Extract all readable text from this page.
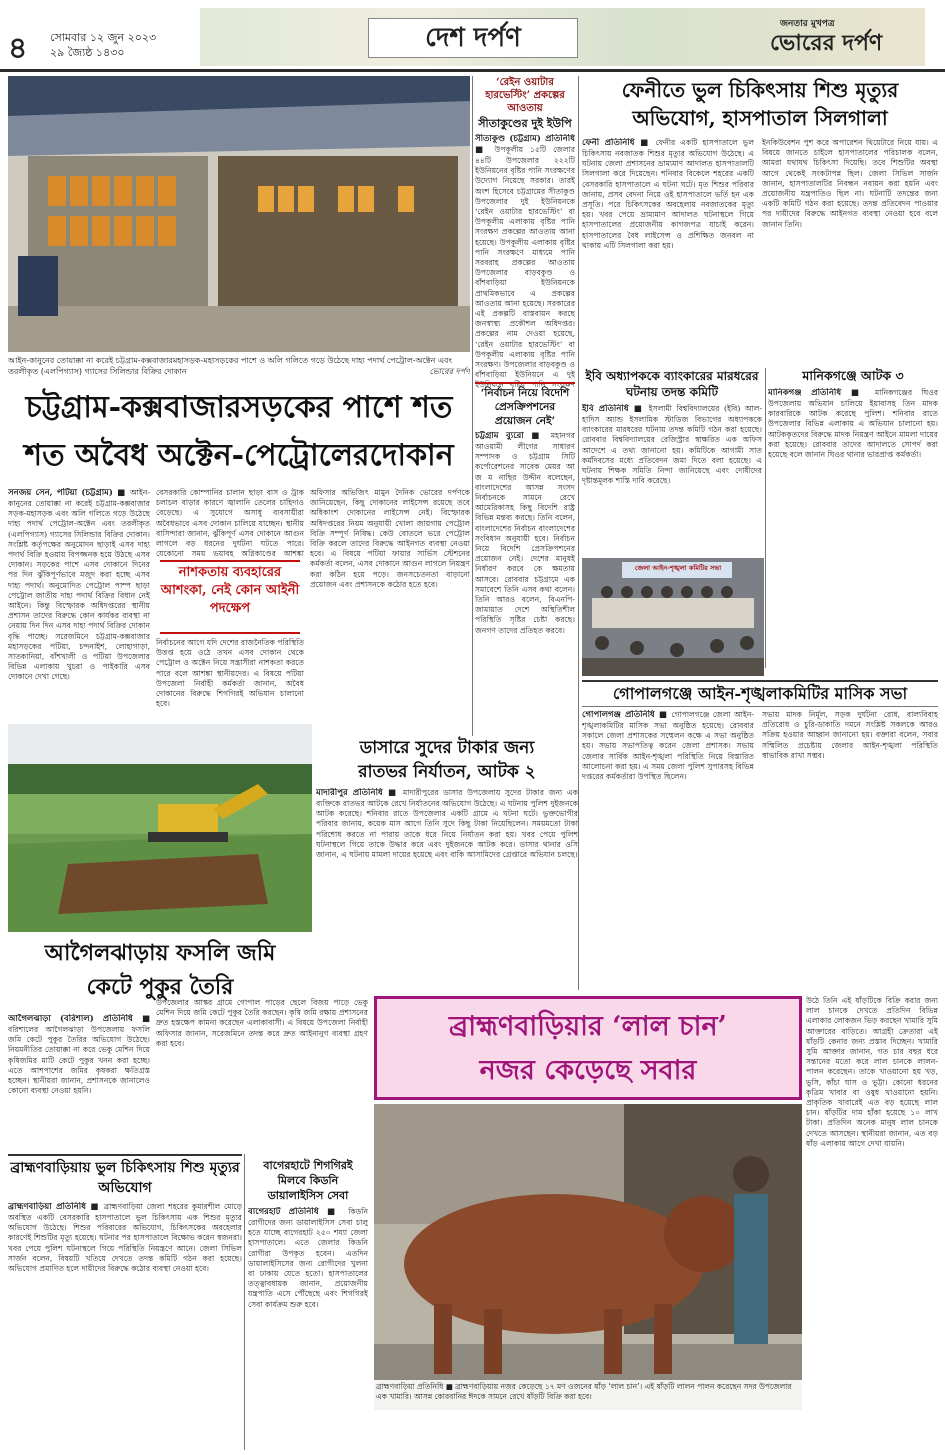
৪ সোমবার ১২ জুন ২০২৩
২৯ জ্যৈষ্ঠ ১৪৩০	দেশ দর্পণ	জনতার মুখপত্র
ভোরের দর্পণ
আইন-কানুনের তোয়াক্কা না করেই চট্টগ্রাম-কক্সবাজারমহাসড়ক-মহাসড়কের পাশে ও অলি গলিতে গড়ে উঠেছে দাহ্য পদার্থ পেট্রোল-অক্টেন এবং তরলীকৃত (এলপিগ্যাস) গ্যাসের সিলিন্ডার বিক্রির দোকান	ভোরের দর্পণ
‘রেইন ওয়াটার হারভেস্টিং’ প্রকল্পের আওতায়
সীতাকুণ্ডের দুই ইউপি
সীতাকুণ্ড (চট্টগ্রাম) প্রতিনিধি ■ উপকূলীয় ১৫টি জেলার ৪৪টি উপজেলার ২২২টি ইউনিয়নের বৃষ্টির পানি সংরক্ষণের উদ্যোগ নিয়েছে সরকার। তারই অংশ হিসেবে চট্টগ্রামের সীতাকুণ্ড উপজেলার দুই ইউনিয়নকে ‘রেইন ওয়াটার হারভেস্টিং’ বা উপকূলীয় এলাকায় বৃষ্টির পানি সংরক্ষণ প্রকল্পের আওতায় আনা হয়েছে। উপকূলীয় এলাকায় বৃষ্টির পানি সংরক্ষণে মাধ্যমে পানি সরবরাহ প্রকল্পের আওতায় উপজেলার বাড়বকুণ্ড ও বাঁশবাড়িয়া ইউনিয়নকে প্রাথমিকভাবে এ প্রকল্পের আওতায় আনা হয়েছে। সরকারের এই প্রকল্পটি বাস্তবায়ন করছে জনস্বাস্থ্য প্রকৌশল অধিদপ্তর। প্রকল্পের নাম দেওয়া হয়েছে, ‘রেইন ওয়াটার হারভেস্টিং’ বা উপকূলীয় এলাকায় বৃষ্টির পানি সংরক্ষণ। উপজেলার বাড়বকুণ্ড ও বাঁশবাড়িয়া ইউনিয়নে এ দুই ইউনিয়নে বৃষ্টির পানি সংরক্ষণ
ফেনীতে ভুল চিকিৎসায় শিশু মৃত্যুর
অভিযোগ, হাসপাতাল সিলগালা
ফেনী প্রতিনিধি ■ ফেনীর একটি হাসপাতালে ভুল চিকিৎসায় নবজাতক শিশুর মৃত্যুর অভিযোগ উঠেছে। এ ঘটনায় জেলা প্রশাসনের ভ্রাম্যমাণ আদালত হাসপাতালটি সিলগালা করে দিয়েছেন। শনিবার বিকেলে শহরের একটি বেসরকারি হাসপাতালে এ ঘটনা ঘটে। মৃত শিশুর পরিবার জানায়, প্রসব বেদনা নিয়ে ওই হাসপাতালে ভর্তি হন এক প্রসূতি। পরে চিকিৎসকের অবহেলায় নবজাতকের মৃত্যু হয়। খবর পেয়ে ভ্রাম্যমাণ আদালত ঘটনাস্থলে গিয়ে হাসপাতালের প্রয়োজনীয় কাগজপত্র যাচাই করেন। হাসপাতালের বৈধ লাইসেন্স ও প্রশিক্ষিত জনবল না থাকায় এটি সিলগালা করা হয়।
ইনকিউবেশন পুশ করে অপারেশন থিয়েটারে নিয়ে যায়। এ বিষয়ে জানতে চাইলে হাসপাতালের পরিচালক বলেন, আমরা যথাযথ চিকিৎসা দিয়েছি। তবে শিশুটির অবস্থা আগে থেকেই সংকটাপন্ন ছিল। জেলা সিভিল সার্জন জানান, হাসপাতালটির নিবন্ধন নবায়ন করা হয়নি এবং প্রয়োজনীয় যন্ত্রপাতিও ছিল না। ঘটনাটি তদন্তের জন্য একটি কমিটি গঠন করা হয়েছে। তদন্ত প্রতিবেদন পাওয়ার পর দায়ীদের বিরুদ্ধে আইনগত ব্যবস্থা নেওয়া হবে বলে জানান তিনি।
চট্টগ্রাম-কক্সবাজারসড়কের পাশে শত
শত অবৈধ অক্টেন-পেট্রোলেরদোকান
সনজয় সেন, পটিয়া (চট্টগ্রাম) ■ আইন-কানুনের তোয়াক্কা না করেই চট্টগ্রাম-কক্সবাজার সড়ক-মহাসড়ক এবং অলি গলিতে গড়ে উঠেছে দাহ্য পদার্থ পেট্রোল-অক্টেন এবং তরলীকৃত (এলপিগ্যাস) গ্যাসের সিলিন্ডার বিক্রির দোকান। সংশ্লিষ্ট কর্তৃপক্ষের অনুমোদন ছাড়াই এসব দাহ্য পদার্থ বিক্রি হওয়ায় বিপজ্জনক হয়ে উঠছে এসব দোকান। সড়কের পাশে এসব দোকানে দিনের পর দিন ঝুঁকিপূর্ণভাবে মজুদ করা হচ্ছে এসব দাহ্য পদার্থ। অনুমোদিত পেট্রোল পাম্প ছাড়া পেট্রোল জাতীয় দাহ্য পদার্থ বিক্রির বিধান নেই আইনে। কিন্তু বিস্ফোরক অধিদপ্তরের স্থানীয় প্রশাসন তাদের বিরুদ্ধে কোন কার্যকর ব্যবস্থা না নেয়ায় দিন দিন এসব দাহ্য পদার্থ বিক্রির দোকান বৃদ্ধি পাচ্ছে। সরেজমিনে চট্টগ্রাম-কক্সবাজার মহাসড়কের পটিয়া, চন্দনাইশ, লোহাগাড়া, সাতকানিয়া, বাঁশখালী ও পটিয়া উপজেলার বিভিন্ন এলাকায় খুচরা ও পাইকারি এসব দোকানে দেখা গেছে।
বেসরকারি কোম্পানির চালান ছাড়া বাস ও ট্রাক চলাচল বাড়ার কারণে জ্বালানি তেলের চাহিদাও বেড়েছে। এ সুযোগে অসাধু ব্যবসায়ীরা অবৈধভাবে এসব দোকান চালিয়ে যাচ্ছেন। স্থানীয় বাসিন্দারা জানান, ঝুঁকিপূর্ণ এসব দোকানে আগুন লাগলে বড় ধরনের দুর্ঘটনা ঘটতে পারে। যেকোনো সময় ভয়াবহ অগ্নিকাণ্ডের আশঙ্কা
নাশকতায় ব্যবহারের আশংকা, নেই কোন আইনী পদক্ষেপ
নির্বাচনের আগে যদি দেশের রাজনৈতিক পরিস্থিতি উত্তপ্ত হয়ে ওঠে তখন এসব দোকান থেকে পেট্রোল ও অক্টেন নিয়ে সন্ত্রাসীরা নাশকতা করতে পারে বলে আশঙ্কা স্থানীয়দের। এ বিষয়ে পটিয়া উপজেলা নির্বাহী কর্মকর্তা জানান, অবৈধ দোকানের বিরুদ্ধে শিগগিরই অভিযান চালানো হবে।
অফিসার অভিজিৎ মামুন দৈনিক ভোরের দর্পণকে জানিয়েছেন, কিছু দোকানের লাইসেন্স রয়েছে তবে অধিকাংশ দোকানের লাইসেন্স নেই। বিস্ফোরক অধিদপ্তরের নিয়ম অনুযায়ী খোলা জায়গায় পেট্রোল বিক্রি সম্পূর্ণ নিষিদ্ধ। কেউ বোতলে ভরে পেট্রোল বিক্রি করলে তাদের বিরুদ্ধে আইনগত ব্যবস্থা নেওয়া হবে। এ বিষয়ে পটিয়া ফায়ার সার্ভিস স্টেশনের কর্মকর্তা বলেন, এসব দোকানে আগুন লাগলে নিয়ন্ত্রণ করা কঠিন হয়ে পড়ে। জনসচেতনতা বাড়ানো প্রয়োজন এবং প্রশাসনকে কঠোর হতে হবে।
‘নির্বাচন নিয়ে বিদেশি প্রেসক্রিপশনের প্রয়োজন নেই’
চট্টগ্রাম ব্যুরো ■ মহানগর আওয়ামী লীগের সাধারণ সম্পাদক ও চট্টগ্রাম সিটি কর্পোরেশনের সাবেক মেয়র আ জ ম নাছির উদ্দীন বলেছেন, বাংলাদেশের আসন্ন সংসদ নির্বাচনকে সামনে রেখে আমেরিকাসহ কিছু বিদেশি রাষ্ট্র বিভিন্ন মন্তব্য করছে। তিনি বলেন, বাংলাদেশের নির্বাচন বাংলাদেশের সংবিধান অনুযায়ী হবে। নির্বাচন নিয়ে বিদেশি প্রেসক্রিপশনের প্রয়োজন নেই। দেশের মানুষই নির্ধারণ করবে কে ক্ষমতায় আসবে। রোববার চট্টগ্রামে এক সমাবেশে তিনি এসব কথা বলেন। তিনি আরও বলেন, বিএনপি-জামায়াত দেশে অস্থিতিশীল পরিস্থিতি সৃষ্টির চেষ্টা করছে। জনগণ তাদের প্রতিহত করবে।
ইবি অধ্যাপককে ব্যাংকারের মারধরের ঘটনায় তদন্ত কমিটি
ইবি প্রতিনিধি ■ ইসলামী বিশ্ববিদ্যালয়ের (ইবি) আল-হাদিস অ্যান্ড ইসলামিক স্টাডিজ বিভাগের অধ্যাপককে ব্যাংকারের মারধরের ঘটনায় তদন্ত কমিটি গঠন করা হয়েছে। রোববার বিশ্ববিদ্যালয়ের রেজিস্ট্রার স্বাক্ষরিত এক অফিস আদেশে এ তথ্য জানানো হয়। কমিটিকে আগামী সাত কর্মদিবসের মধ্যে প্রতিবেদন জমা দিতে বলা হয়েছে। এ ঘটনায় শিক্ষক সমিতি নিন্দা জানিয়েছে এবং দোষীদের দৃষ্টান্তমূলক শাস্তি দাবি করেছে।
মানিকগঞ্জে আটক ৩
মানিকগঞ্জ প্রতিনিধি ■ মানিকগঞ্জের ঘিওর উপজেলায় অভিযান চালিয়ে ইয়াবাসহ তিন মাদক কারবারিকে আটক করেছে পুলিশ। শনিবার রাতে উপজেলার বিভিন্ন এলাকায় এ অভিযান চালানো হয়। আটককৃতদের বিরুদ্ধে মাদক নিয়ন্ত্রণ আইনে মামলা দায়ের করা হয়েছে। রোববার তাদের আদালতে সোপর্দ করা হয়েছে বলে জানান ঘিওর থানার ভারপ্রাপ্ত কর্মকর্তা।
জেলা আইন-শৃঙ্খলা কমিটির সভা
গোপালগঞ্জে আইন-শৃঙ্খলাকমিটির মাসিক সভা
গোপালগঞ্জ প্রতিনিধি ■ গোপালগঞ্জে জেলা আইন-শৃঙ্খলাকমিটির মাসিক সভা অনুষ্ঠিত হয়েছে। রোববার সকালে জেলা প্রশাসকের সম্মেলন কক্ষে এ সভা অনুষ্ঠিত হয়। সভায় সভাপতিত্ব করেন জেলা প্রশাসক। সভায় জেলার সার্বিক আইন-শৃঙ্খলা পরিস্থিতি নিয়ে বিস্তারিত আলোচনা করা হয়। এ সময় জেলা পুলিশ সুপারসহ বিভিন্ন দপ্তরের কর্মকর্তারা উপস্থিত ছিলেন।
সভায় মাদক নির্মূল, সড়ক দুর্ঘটনা রোধ, বাল্যবিবাহ প্রতিরোধ ও চুরি-ডাকাতি দমনে সংশ্লিষ্ট সকলকে আরও সক্রিয় হওয়ার আহ্বান জানানো হয়। বক্তারা বলেন, সবার সম্মিলিত প্রচেষ্টায় জেলার আইন-শৃঙ্খলা পরিস্থিতি স্বাভাবিক রাখা সম্ভব।
ডাসারে সুদের টাকার জন্য
রাতভর নির্যাতন, আটক ২
মাদারীপুর প্রতিনিধি ■ মাদারীপুরের ডাসার উপজেলায় সুদের টাকার জন্য এক ব্যক্তিকে রাতভর আটকে রেখে নির্যাতনের অভিযোগ উঠেছে। এ ঘটনায় পুলিশ দুইজনকে আটক করেছে। শনিবার রাতে উপজেলার একটি গ্রামে এ ঘটনা ঘটে। ভুক্তভোগীর পরিবার জানায়, কয়েক মাস আগে তিনি সুদে কিছু টাকা নিয়েছিলেন। সময়মতো টাকা পরিশোধ করতে না পারায় তাকে ধরে নিয়ে নির্যাতন করা হয়। খবর পেয়ে পুলিশ ঘটনাস্থলে গিয়ে তাকে উদ্ধার করে এবং দুইজনকে আটক করে। ডাসার থানার ওসি জানান, এ ঘটনায় মামলা দায়ের হয়েছে এবং বাকি আসামিদের গ্রেপ্তারে অভিযান চলছে।
আগৈলঝাড়ায় ফসলি জমি
কেটে পুকুর তৈরি
আগৈলঝাড়া (বরিশাল) প্রতিনিধি ■ বরিশালের আগৈলঝাড়া উপজেলায় ফসলি জমি কেটে পুকুর তৈরির অভিযোগ উঠেছে। নিয়মনীতির তোয়াক্কা না করে ভেকু মেশিন দিয়ে কৃষিজমির মাটি কেটে পুকুর খনন করা হচ্ছে। এতে আশপাশের জমির কৃষকরা ক্ষতিগ্রস্ত হচ্ছেন। স্থানীয়রা জানান, প্রশাসনকে জানালেও কোনো ব্যবস্থা নেওয়া হয়নি।
উপজেলার আস্কর গ্রামে গোপাল পাড়ের ছেলে বিজয় পাড়ে ভেকু মেশিন দিয়ে জমি কেটে পুকুর তৈরি করছেন। কৃষি জমি রক্ষায় প্রশাসনের দ্রুত হস্তক্ষেপ কামনা করেছেন এলাকাবাসী। এ বিষয়ে উপজেলা নির্বাহী অফিসার জানান, সরেজমিনে তদন্ত করে দ্রুত আইনানুগ ব্যবস্থা গ্রহণ করা হবে।
ব্রাহ্মণবাড়িয়ার ‘লাল চান’
নজর কেড়েছে সবার
উঠে তিনি এই ষাঁড়টিকে বিক্রি করার জন্য লাল চানকে দেখতে প্রতিদিন বিভিন্ন এলাকার লোকজন ভিড় করছেন খামারি সুমি আক্তারের বাড়িতে। আগ্রহী ক্রেতারা এই ষাঁড়টি কেনার জন্য প্রস্তাব দিচ্ছেন। খামারি সুমি আক্তার জানান, গত চার বছর ধরে সন্তানের মতো করে লাল চানকে লালন-পালন করেছেন। তাকে খাওয়ানো হয় খড়, ভুসি, কাঁচা ঘাস ও ভুট্টা। কোনো ধরনের কৃত্রিম খাবার বা ওষুধ খাওয়ানো হয়নি। প্রাকৃতিক খাবারেই এত বড় হয়েছে লাল চান। ষাঁড়টির দাম হাঁকা হয়েছে ১০ লাখ টাকা। প্রতিদিন অনেক মানুষ লাল চানকে দেখতে আসছেন। স্থানীয়রা জানান, এত বড় ষাঁড় এলাকায় আগে দেখা যায়নি।
ব্রাহ্মণবাড়িয়া প্রতিনিধি ■ ব্রাহ্মণবাড়িয়ায় নজর কেড়েছে ১৭ মণ ওজনের ষাঁড় ‘লাল চান’। এই ষাঁড়টি লালন পালন করেছেন সদর উপজেলার এক খামারি। আসন্ন কোরবানির ঈদকে সামনে রেখে ষাঁড়টি বিক্রি করা হবে।
ব্রাহ্মণবাড়িয়ায় ভুল চিকিৎসায় শিশু মৃত্যুর অভিযোগ
ব্রাহ্মণবাড়িয়া প্রতিনিধি ■ ব্রাহ্মণবাড়িয়া জেলা শহরের কুমারশীল মোড়ে অবস্থিত একটি বেসরকারি হাসপাতালে ভুল চিকিৎসায় এক শিশুর মৃত্যুর অভিযোগ উঠেছে। শিশুর পরিবারের অভিযোগ, চিকিৎসকের অবহেলার কারণেই শিশুটির মৃত্যু হয়েছে। ঘটনার পর হাসপাতালে বিক্ষোভ করেন স্বজনরা। খবর পেয়ে পুলিশ ঘটনাস্থলে গিয়ে পরিস্থিতি নিয়ন্ত্রণে আনে। জেলা সিভিল সার্জন বলেন, বিষয়টি খতিয়ে দেখতে তদন্ত কমিটি গঠন করা হয়েছে। অভিযোগ প্রমাণিত হলে দায়ীদের বিরুদ্ধে কঠোর ব্যবস্থা নেওয়া হবে।
বাগেরহাটে শিগগিরই মিলবে কিডনি ডায়ালাইসিস সেবা
বাগেরহাট প্রতিনিধি ■ কিডনি রোগীদের জন্য ডায়ালাইসিস সেবা চালু হতে যাচ্ছে বাগেরহাট ২৫০ শয্যা জেলা হাসপাতালে। এতে জেলার কিডনি রোগীরা উপকৃত হবেন। এতদিন ডায়ালাইসিসের জন্য রোগীদের খুলনা বা ঢাকায় যেতে হতো। হাসপাতালের তত্ত্বাবধায়ক জানান, প্রয়োজনীয় যন্ত্রপাতি এসে পৌঁছেছে এবং শিগগিরই সেবা কার্যক্রম শুরু হবে।
